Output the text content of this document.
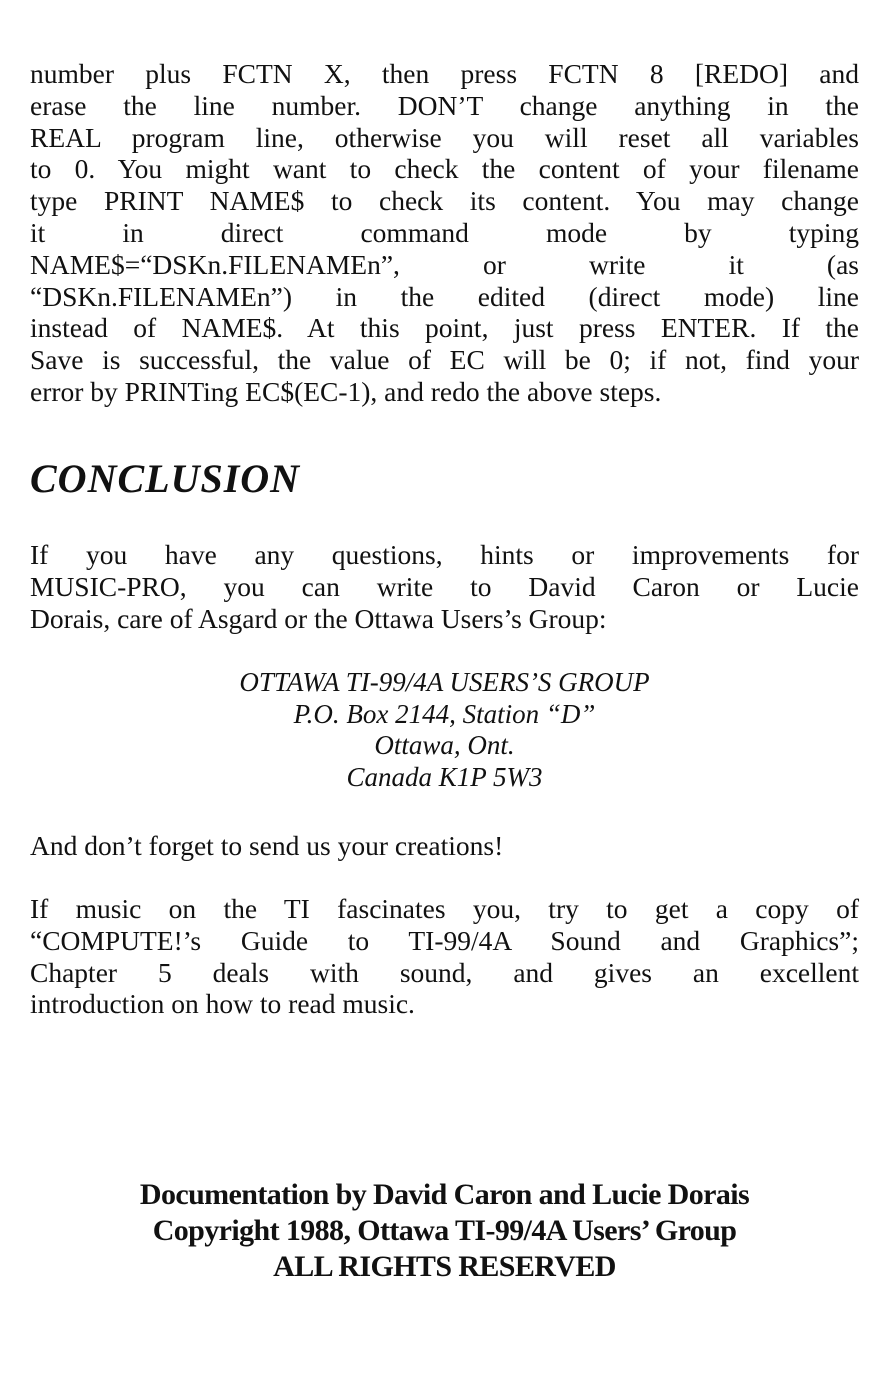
number plus FCTN X, then press FCTN 8 [REDO] and
erase the line number. DON’T change anything in the
REAL program line, otherwise you will reset all variables
to 0. You might want to check the content of your filename
type PRINT NAME$ to check its content. You may change
it in direct command mode by typing
NAME$=“DSKn.FILENAMEn”, or write it (as
“DSKn.FILENAMEn”) in the edited (direct mode) line
instead of NAME$. At this point, just press ENTER. If the
Save is successful, the value of EC will be 0; if not, find your
error by PRINTing EC$(EC-1), and redo the above steps.

CONCLUSION

If you have any questions, hints or improvements for
MUSIC-PRO, you can write to David Caron or Lucie
Dorais, care of Asgard or the Ottawa Users’s Group:

OTTAWA TI-99/4A USERS’S GROUP
P.O. Box 2144, Station “D”
Ottawa, Ont.
Canada K1P 5W3

And don’t forget to send us your creations!

If music on the TI fascinates you, try to get a copy of
“COMPUTE!’s Guide to TI-99/4A Sound and Graphics”;
Chapter 5 deals with sound, and gives an excellent
introduction on how to read music.

Documentation by David Caron and Lucie Dorais
Copyright 1988, Ottawa TI-99/4A Users’ Group
ALL RIGHTS RESERVED
